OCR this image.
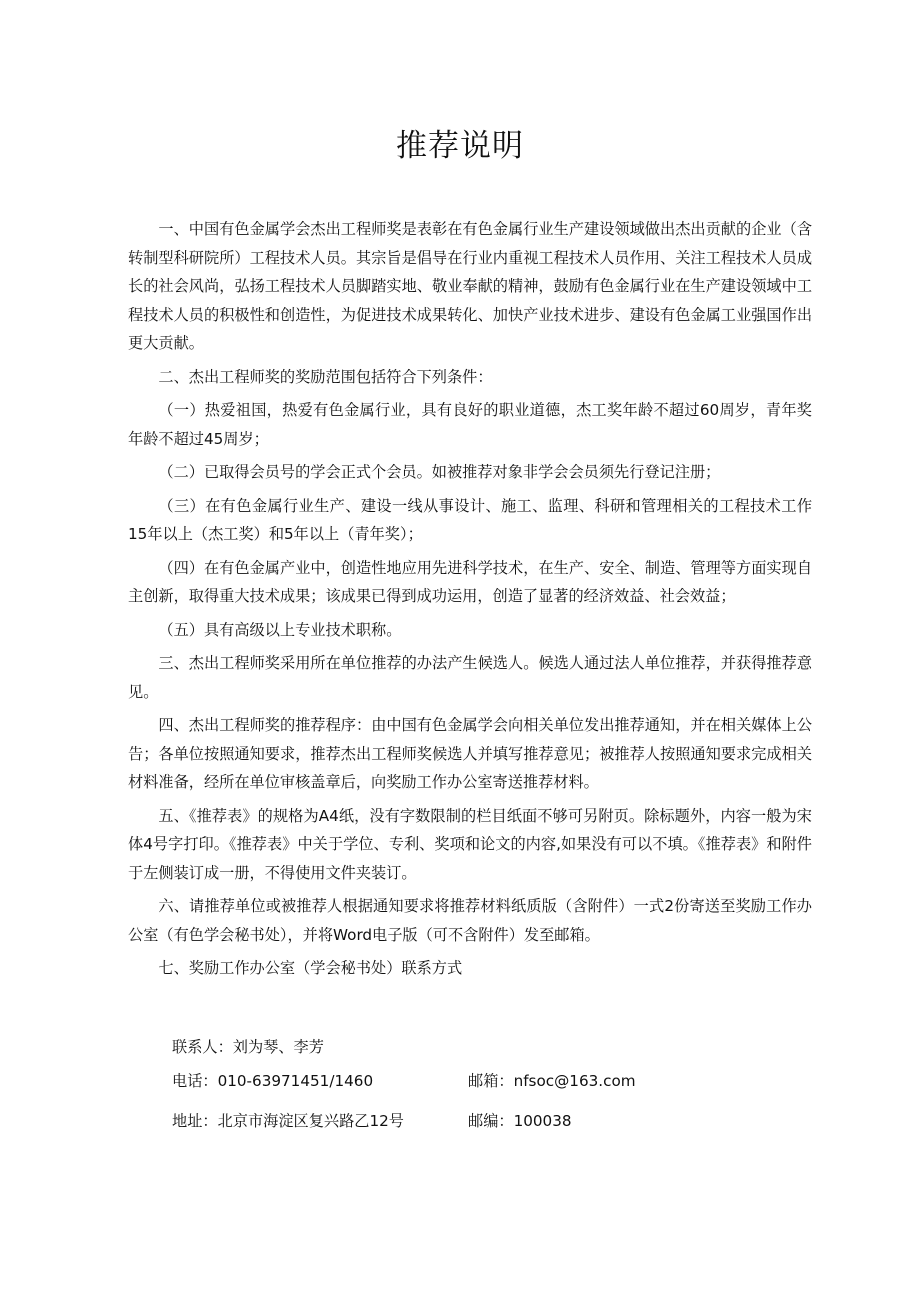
推荐说明

一、中国有色金属学会杰出工程师奖是表彰在有色金属行业生产建设领域做出杰出贡献的企业（含转制型科研院所）工程技术人员。其宗旨是倡导在行业内重视工程技术人员作用、关注工程技术人员成长的社会风尚，弘扬工程技术人员脚踏实地、敬业奉献的精神，鼓励有色金属行业在生产建设领域中工程技术人员的积极性和创造性，为促进技术成果转化、加快产业技术进步、建设有色金属工业强国作出更大贡献。

二、杰出工程师奖的奖励范围包括符合下列条件：

（一）热爱祖国，热爱有色金属行业，具有良好的职业道德，杰工奖年龄不超过60周岁，青年奖年龄不超过45周岁；

（二）已取得会员号的学会正式个会员。如被推荐对象非学会会员须先行登记注册；

（三）在有色金属行业生产、建设一线从事设计、施工、监理、科研和管理相关的工程技术工作15年以上（杰工奖）和5年以上（青年奖）；

（四）在有色金属产业中，创造性地应用先进科学技术，在生产、安全、制造、管理等方面实现自主创新，取得重大技术成果；该成果已得到成功运用，创造了显著的经济效益、社会效益；

（五）具有高级以上专业技术职称。

三、杰出工程师奖采用所在单位推荐的办法产生候选人。候选人通过法人单位推荐，并获得推荐意见。

四、杰出工程师奖的推荐程序：由中国有色金属学会向相关单位发出推荐通知，并在相关媒体上公告；各单位按照通知要求，推荐杰出工程师奖候选人并填写推荐意见；被推荐人按照通知要求完成相关材料准备，经所在单位审核盖章后，向奖励工作办公室寄送推荐材料。

五、《推荐表》的规格为A4纸，没有字数限制的栏目纸面不够可另附页。除标题外，内容一般为宋体4号字打印。《推荐表》中关于学位、专利、奖项和论文的内容,如果没有可以不填。《推荐表》和附件于左侧装订成一册，不得使用文件夹装订。

六、请推荐单位或被推荐人根据通知要求将推荐材料纸质版（含附件）一式2份寄送至奖励工作办公室（有色学会秘书处），并将Word电子版（可不含附件）发至邮箱。

七、奖励工作办公室（学会秘书处）联系方式

联系人：刘为琴、李芳
电话：010-63971451/1460	邮箱：nfsoc@163.com
地址：北京市海淀区复兴路乙12号	邮编：100038
